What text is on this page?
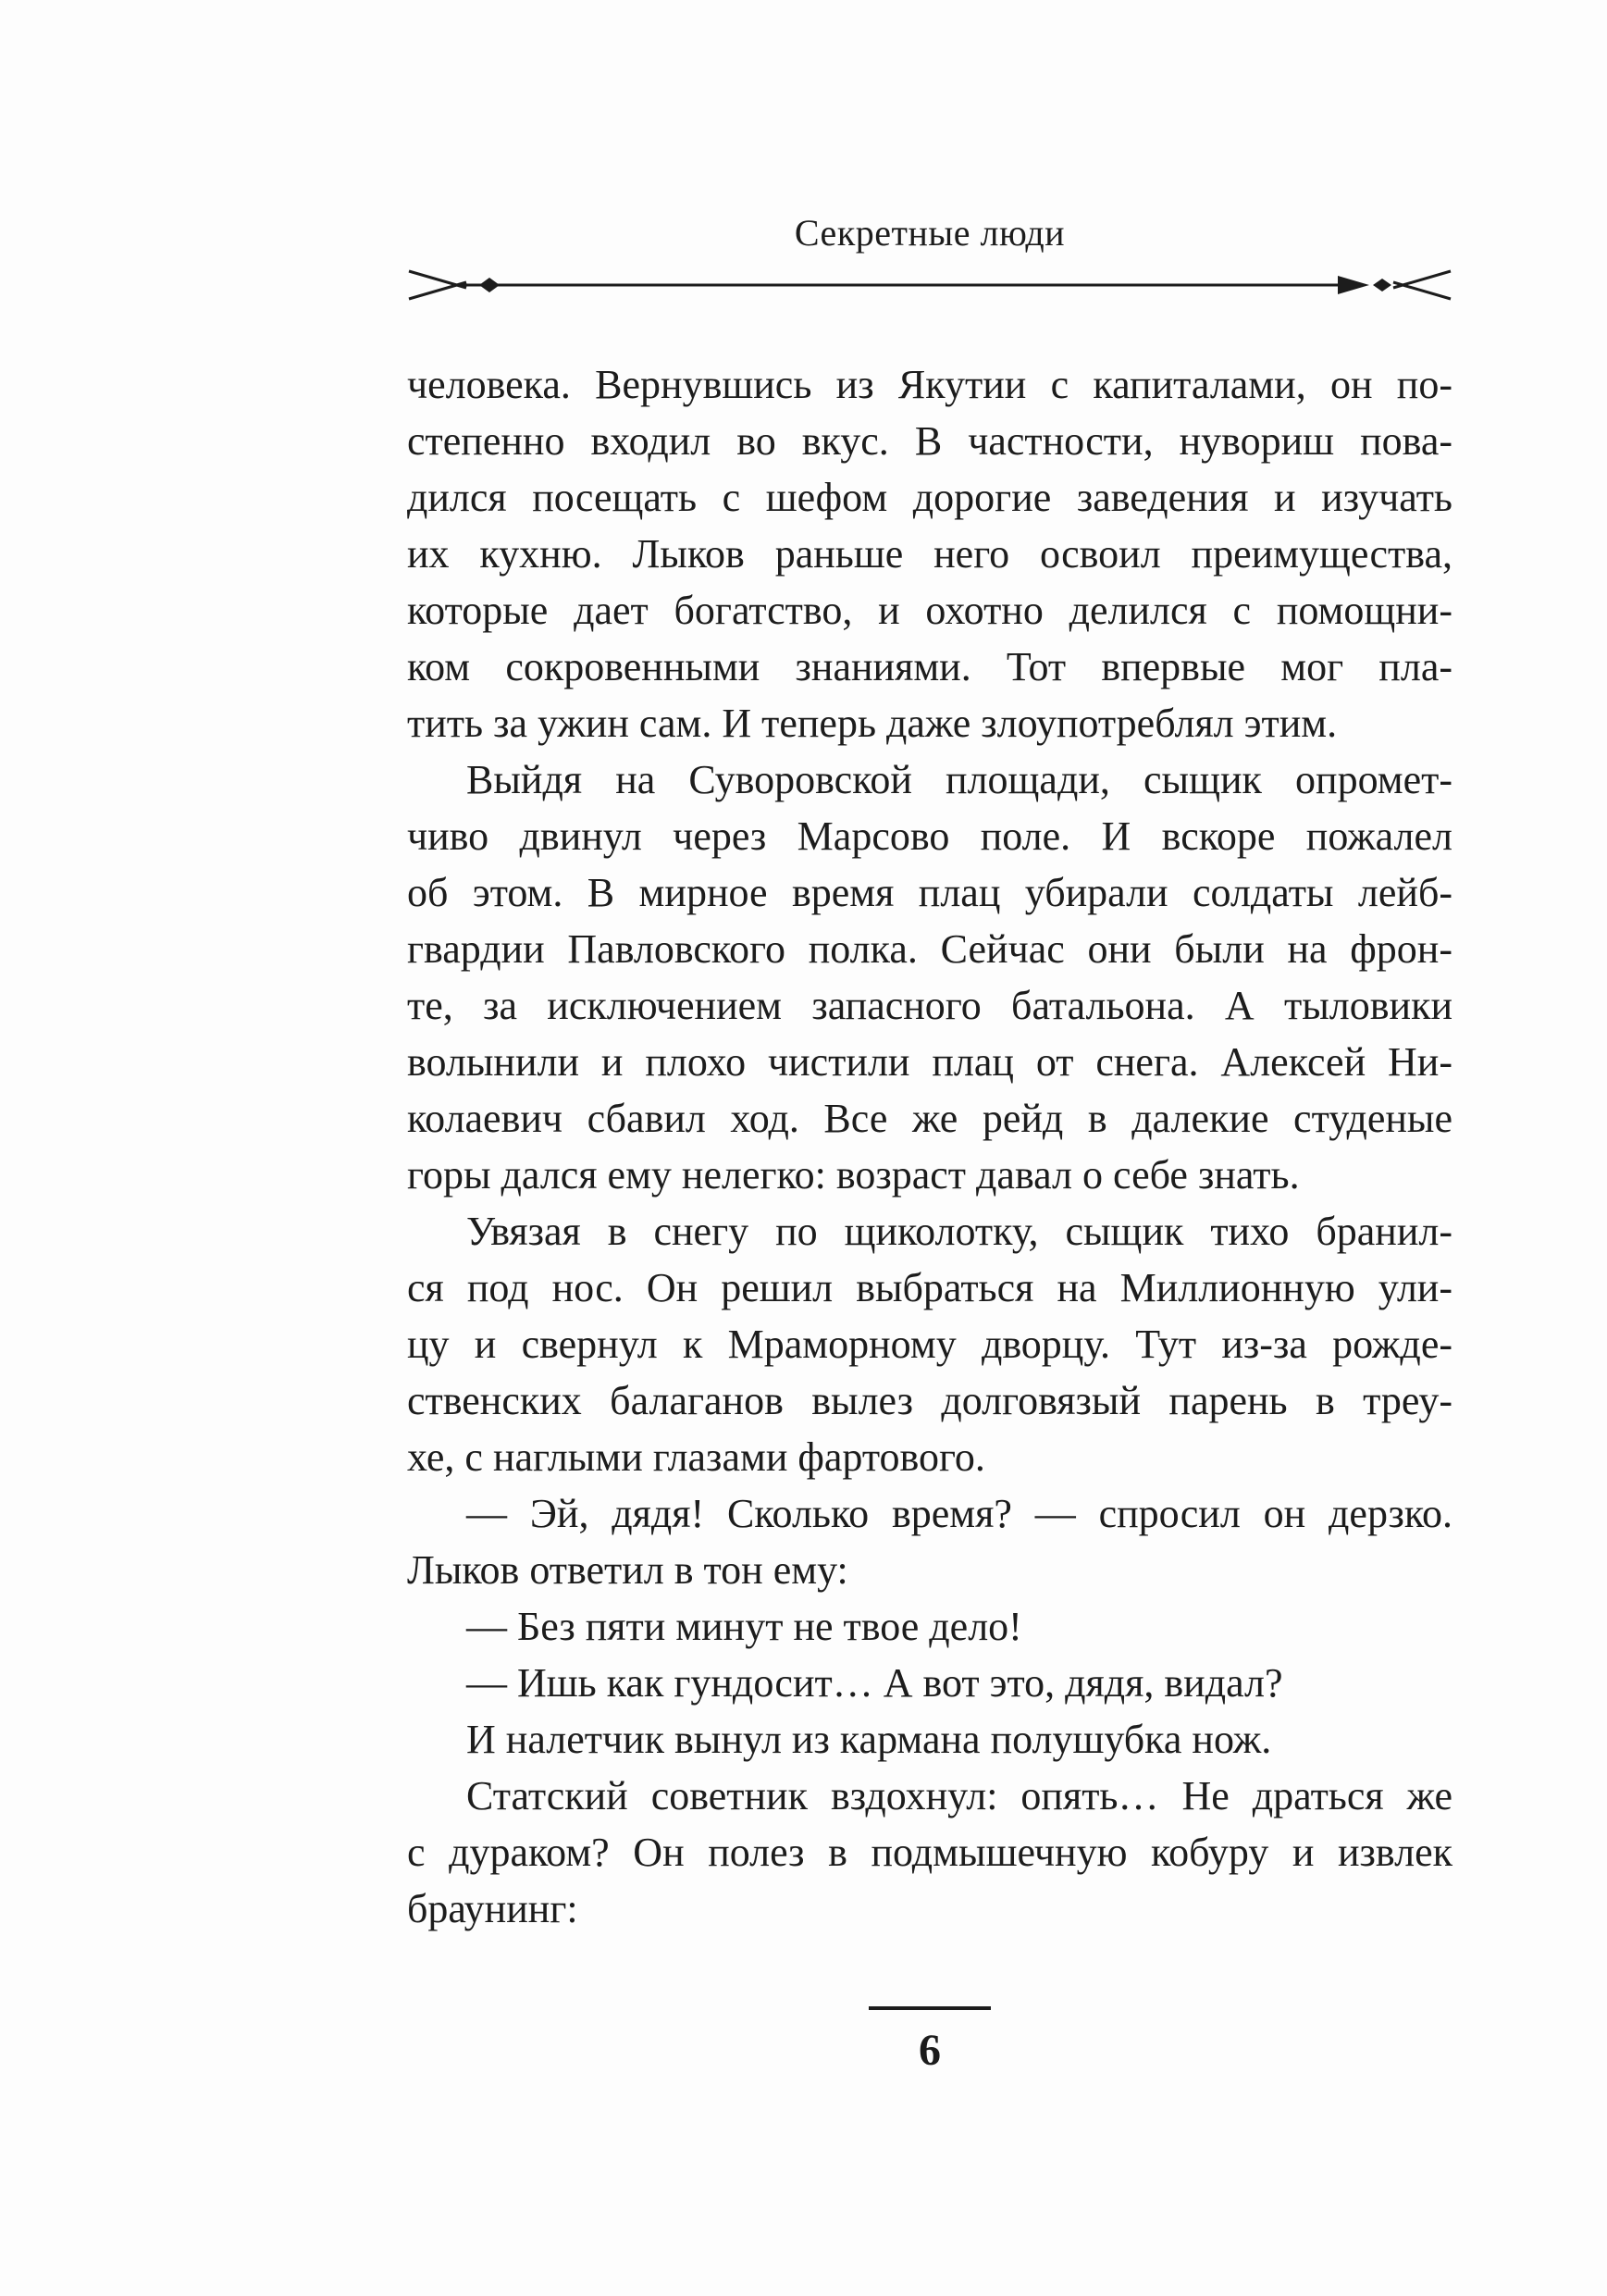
Секретные люди
человека. Вернувшись из Якутии с капиталами, он по-
степенно входил во вкус. В частности, нувориш пова-
дился посещать с шефом дорогие заведения и изучать
их кухню. Лыков раньше него освоил преимущества,
которые дает богатство, и охотно делился с помощни-
ком сокровенными знаниями. Тот впервые мог пла-
тить за ужин сам. И теперь даже злоупотреблял этим.
Выйдя на Суворовской площади, сыщик опромет-
чиво двинул через Марсово поле. И вскоре пожалел
об этом. В мирное время плац убирали солдаты лейб-
гвардии Павловского полка. Сейчас они были на фрон-
те, за исключением запасного батальона. А тыловики
волынили и плохо чистили плац от снега. Алексей Ни-
колаевич сбавил ход. Все же рейд в далекие студеные
горы дался ему нелегко: возраст давал о себе знать.
Увязая в снегу по щиколотку, сыщик тихо бранил-
ся под нос. Он решил выбраться на Миллионную ули-
цу и свернул к Мраморному дворцу. Тут из-за рожде-
ственских балаганов вылез долговязый парень в треу-
хе, с наглыми глазами фартового.
— Эй, дядя! Сколько время? — спросил он дерзко.
Лыков ответил в тон ему:
— Без пяти минут не твое дело!
— Ишь как гундосит… А вот это, дядя, видал?
И налетчик вынул из кармана полушубка нож.
Статский советник вздохнул: опять… Не драться же
с дураком? Он полез в подмышечную кобуру и извлек
браунинг:
6
